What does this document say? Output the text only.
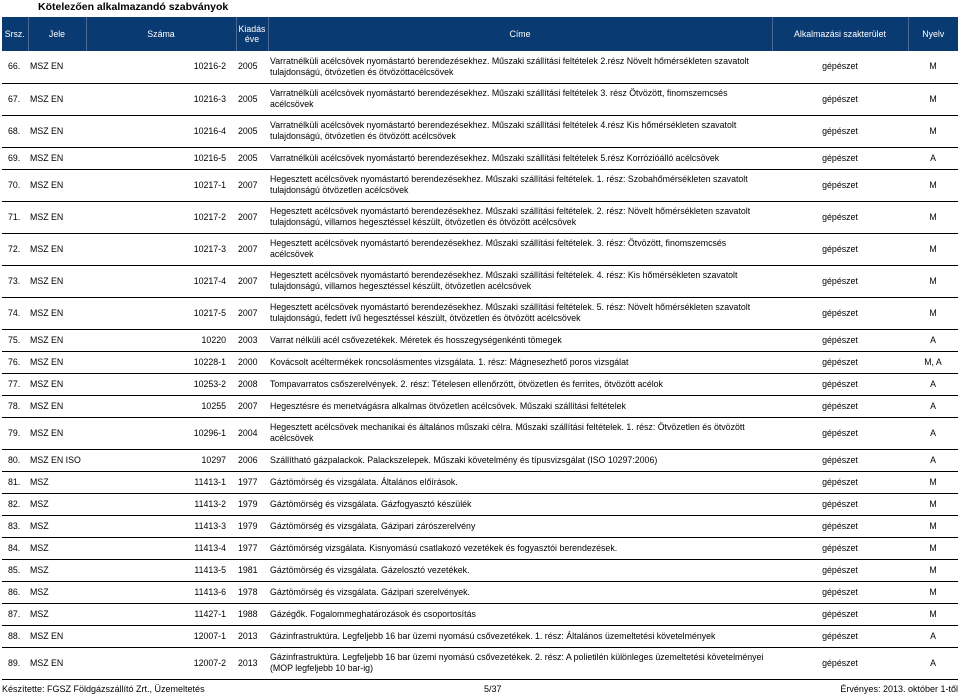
Kötelezően alkalmazandó szabványok
Srsz.	Jele	Száma	Kiadás éve	Címe	Alkalmazási szakterület	Nyelv
66.	MSZ EN	10216-2	2005	Varratnélküli acélcsövek nyomástartó berendezésekhez. Műszaki szállítási feltételek 2.rész Növelt hőmérsékleten szavatolt tulajdonságú, ötvözetlen és ötvözöttacélcsövek	gépészet	M
67.	MSZ EN	10216-3	2005	Varratnélküli acélcsövek nyomástartó berendezésekhez. Műszaki szállítási feltételek 3. rész Ötvözött, finomszemcsés acélcsövek	gépészet	M
68.	MSZ EN	10216-4	2005	Varratnélküli acélcsövek nyomástartó berendezésekhez. Műszaki szállítási feltételek 4.rész Kis hőmérsékleten szavatolt tulajdonságú, ötvözetlen és ötvözött acélcsövek	gépészet	M
69.	MSZ EN	10216-5	2005	Varratnélküli acélcsövek nyomástartó berendezésekhez. Műszaki szállítási feltételek 5.rész Korrózióálló acélcsövek	gépészet	A
70.	MSZ EN	10217-1	2007	Hegesztett acélcsövek nyomástartó berendezésekhez. Műszaki szállítási feltételek. 1. rész: Szobahőmérsékleten szavatolt tulajdonságú ötvözetlen acélcsövek	gépészet	M
71.	MSZ EN	10217-2	2007	Hegesztett acélcsövek nyomástartó berendezésekhez. Műszaki szállítási feltételek. 2. rész: Növelt hőmérsékleten szavatolt tulajdonságú, villamos hegesztéssel készült, ötvözetlen és ötvözött acélcsövek	gépészet	M
72.	MSZ EN	10217-3	2007	Hegesztett acélcsövek nyomástartó berendezésekhez. Műszaki szállítási feltételek. 3. rész: Ötvözött, finomszemcsés acélcsövek	gépészet	M
73.	MSZ EN	10217-4	2007	Hegesztett acélcsövek nyomástartó berendezésekhez. Műszaki szállítási feltételek. 4. rész: Kis hőmérsékleten szavatolt tulajdonságú, villamos hegesztéssel készült, ötvözetlen acélcsövek	gépészet	M
74.	MSZ EN	10217-5	2007	Hegesztett acélcsövek nyomástartó berendezésekhez. Műszaki szállítási feltételek. 5. rész: Növelt hőmérsékleten szavatolt tulajdonságú, fedett ívű hegesztéssel készült, ötvözetlen és ötvözött acélcsövek	gépészet	M
75.	MSZ EN	10220	2003	Varrat nélküli acél csővezetékek. Méretek és hosszegységenkénti tömegek	gépészet	A
76.	MSZ EN	10228-1	2000	Kovácsolt acéltermékek roncsolásmentes vizsgálata. 1. rész: Mágnesezhető poros vizsgálat	gépészet	M, A
77.	MSZ EN	10253-2	2008	Tompavarratos csőszerelvények. 2. rész: Tételesen ellenőrzött, ötvözetlen és ferrites, ötvözött acélok	gépészet	A
78.	MSZ EN	10255	2007	Hegesztésre és menetvágásra alkalmas ötvözetlen acélcsövek. Műszaki szállítási feltételek	gépészet	A
79.	MSZ EN	10296-1	2004	Hegesztett acélcsövek mechanikai és általános műszaki célra. Műszaki szállítási feltételek. 1. rész: Ötvözetlen és ötvözött acélcsövek	gépészet	A
80.	MSZ EN ISO	10297	2006	Szállítható gázpalackok. Palackszelepek. Műszaki követelmény és típusvizsgálat (ISO 10297:2006)	gépészet	A
81.	MSZ	11413-1	1977	Gáztömörség és vizsgálata. Általános előírások.	gépészet	M
82.	MSZ	11413-2	1979	Gáztömörség és vizsgálata. Gázfogyasztó készülék	gépészet	M
83.	MSZ	11413-3	1979	Gáztömörség és vizsgálata. Gázipari zárószerelvény	gépészet	M
84.	MSZ	11413-4	1977	Gáztömörség vizsgálata. Kisnyomású csatlakozó vezetékek és fogyasztói berendezések.	gépészet	M
85.	MSZ	11413-5	1981	Gáztömörség és vizsgálata. Gázelosztó vezetékek.	gépészet	M
86.	MSZ	11413-6	1978	Gáztömörség és vizsgálata. Gázipari szerelvények.	gépészet	M
87.	MSZ	11427-1	1988	Gázégők. Fogalommeghatározások és csoportosítás	gépészet	M
88.	MSZ EN	12007-1	2013	Gázinfrastruktúra. Legfeljebb 16 bar üzemi nyomású csővezetékek. 1. rész: Általános üzemeltetési követelmények	gépészet	A
89.	MSZ EN	12007-2	2013	Gázinfrastruktúra. Legfeljebb 16 bar üzemi nyomású csővezetékek. 2. rész: A polietilén különleges üzemeltetési követelményei (MOP legfeljebb 10 bar-ig)	gépészet	A
Készítette: FGSZ Földgázszállító Zrt., Üzemeltetés	5/37	Érvényes: 2013. október 1-től
